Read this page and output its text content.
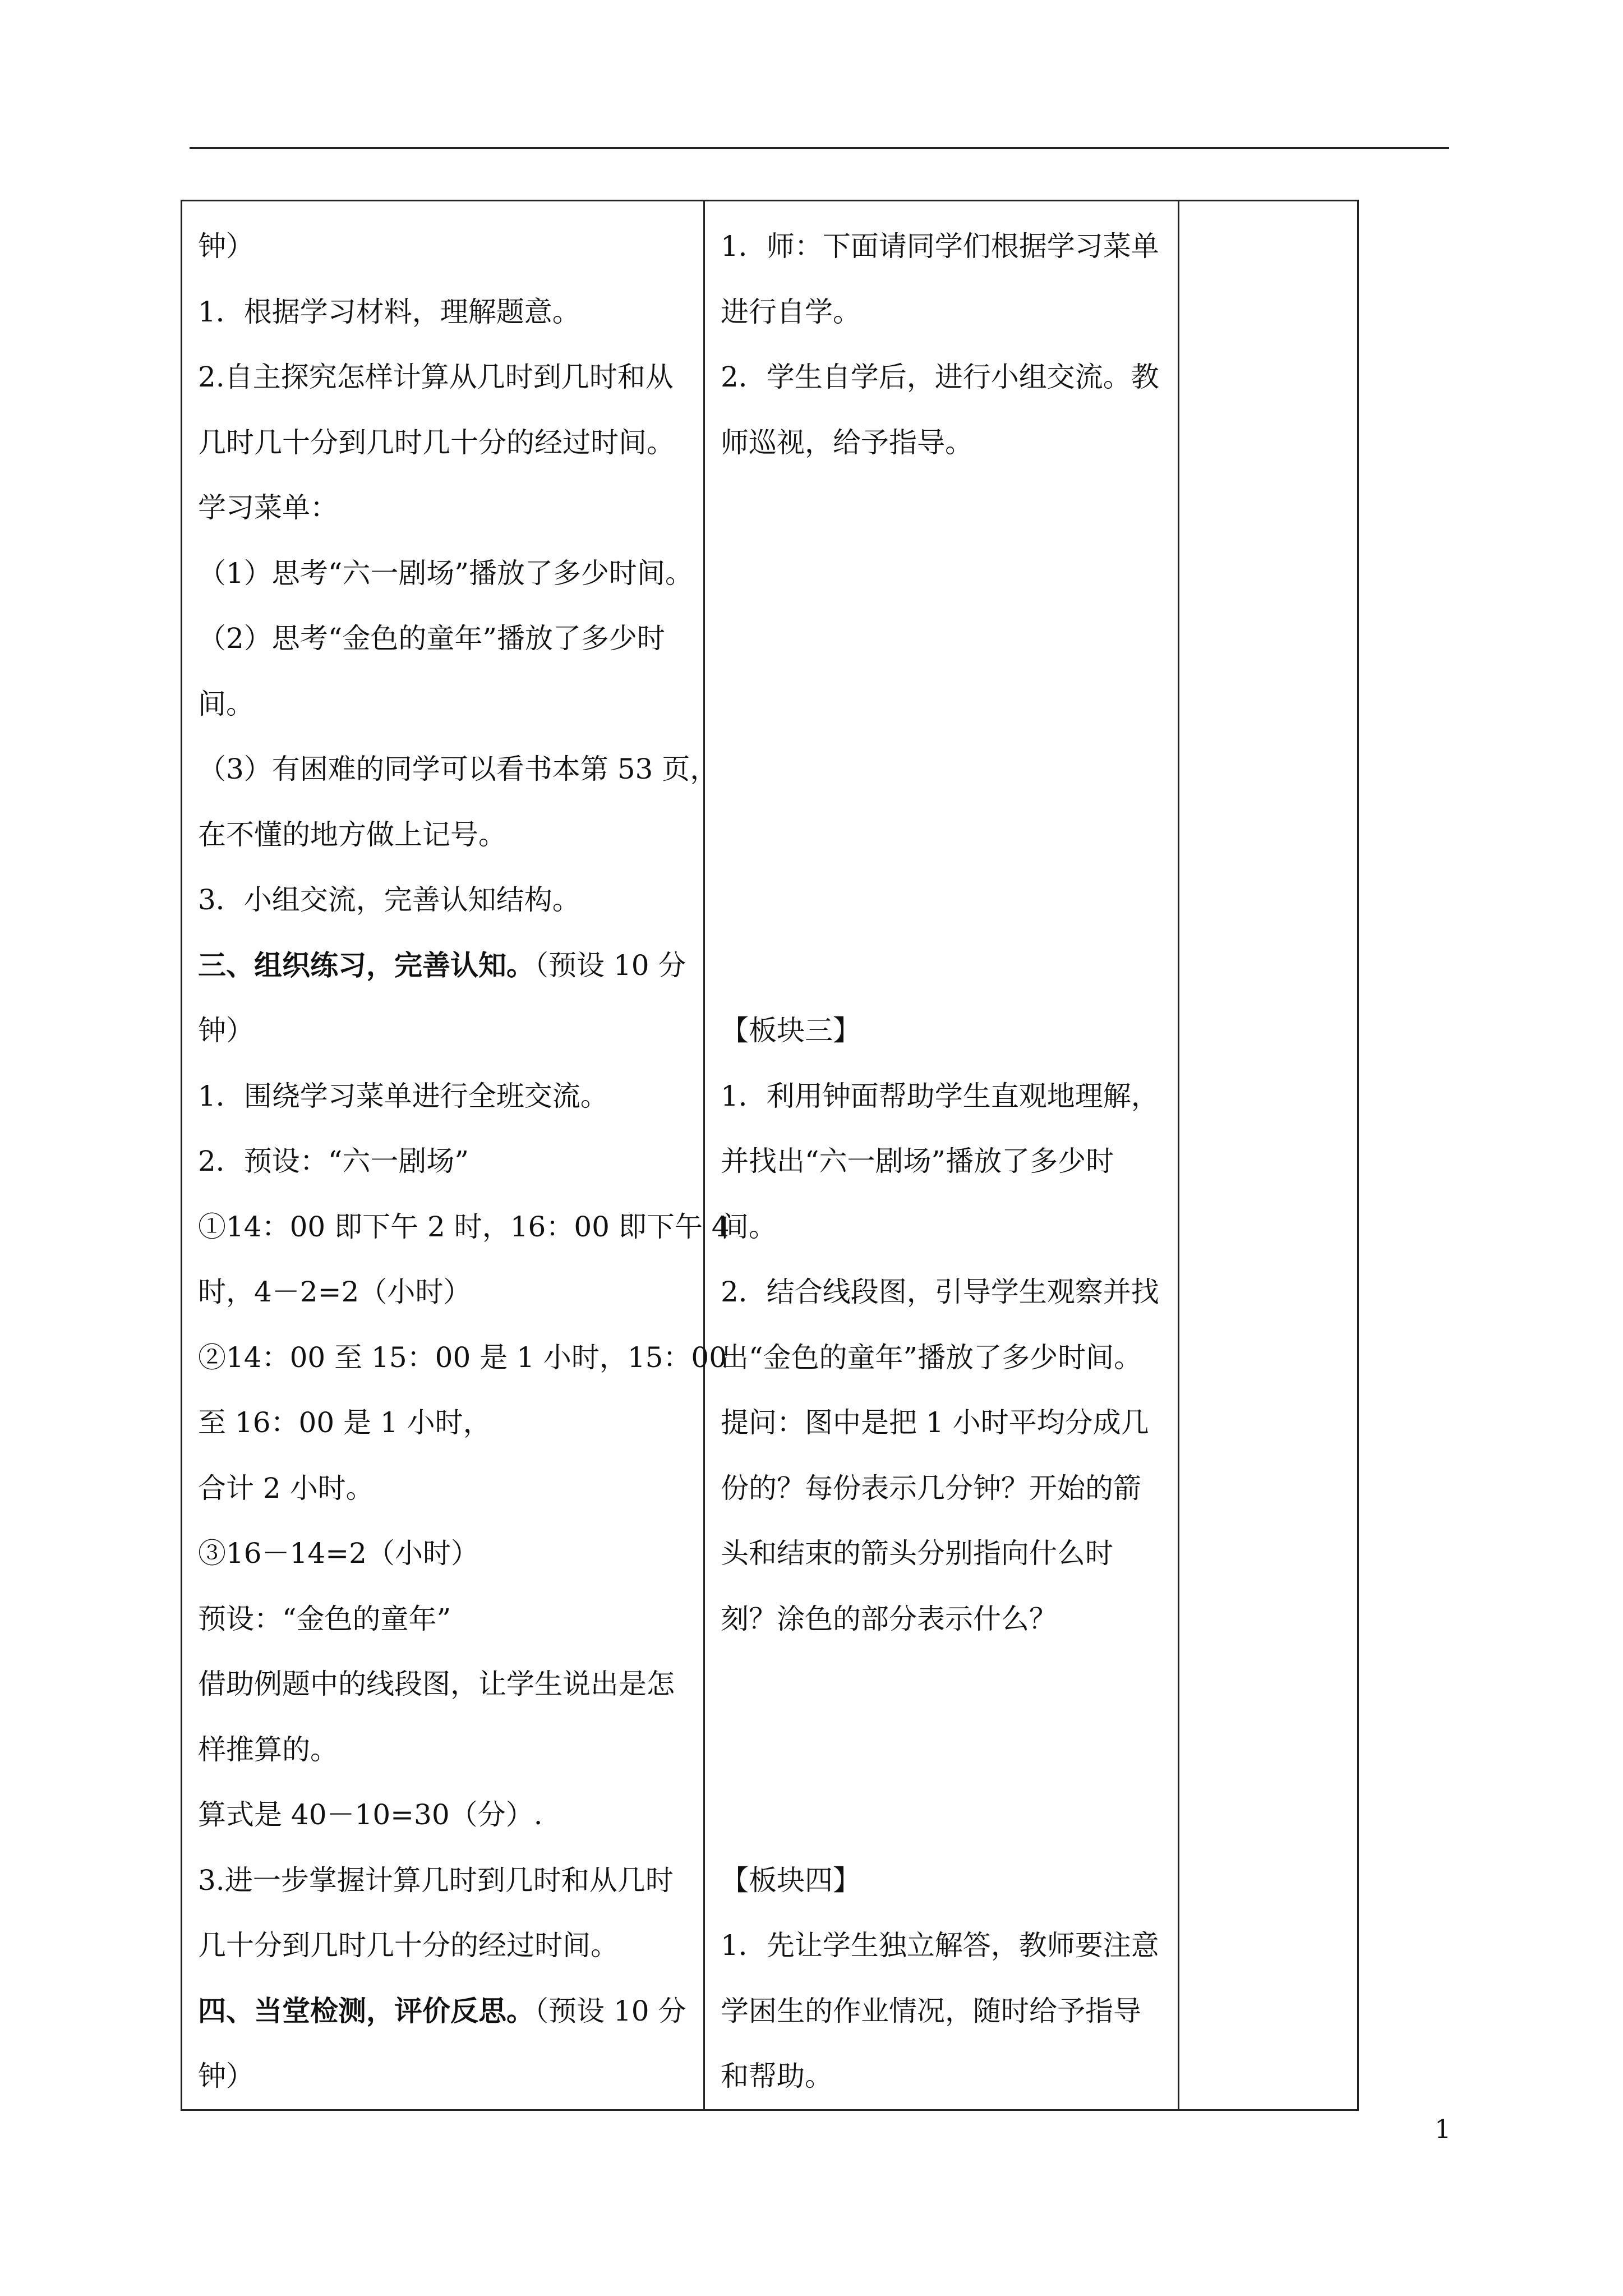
钟）
1．根据学习材料，理解题意。
2.自主探究怎样计算从几时到几时和从
几时几十分到几时几十分的经过时间。
学习菜单：
（1）思考“六一剧场”播放了多少时间。
（2）思考“金色的童年”播放了多少时
间。
（3）有困难的同学可以看书本第 53 页，
在不懂的地方做上记号。
3．小组交流，完善认知结构。
三、组织练习，完善认知。（预设 10 分
钟）
1．围绕学习菜单进行全班交流。
2．预设：“六一剧场”
①14：00 即下午 2 时，16：00 即下午 4
时，4－2=2（小时）
②14：00 至 15：00 是 1 小时，15：00
至 16：00 是 1 小时，
合计 2 小时。
③16－14=2（小时）
预设：“金色的童年”
借助例题中的线段图，让学生说出是怎
样推算的。
算式是 40－10=30（分）.
3.进一步掌握计算几时到几时和从几时
几十分到几时几十分的经过时间。
四、当堂检测，评价反思。（预设 10 分
钟）

1．师：下面请同学们根据学习菜单
进行自学。
2．学生自学后，进行小组交流。教
师巡视，给予指导。
【板块三】
1．利用钟面帮助学生直观地理解，
并找出“六一剧场”播放了多少时
间。
2．结合线段图，引导学生观察并找
出“金色的童年”播放了多少时间。
提问：图中是把 1 小时平均分成几
份的？每份表示几分钟？开始的箭
头和结束的箭头分别指向什么时
刻？涂色的部分表示什么？
【板块四】
1．先让学生独立解答，教师要注意
学困生的作业情况，随时给予指导
和帮助。

1
